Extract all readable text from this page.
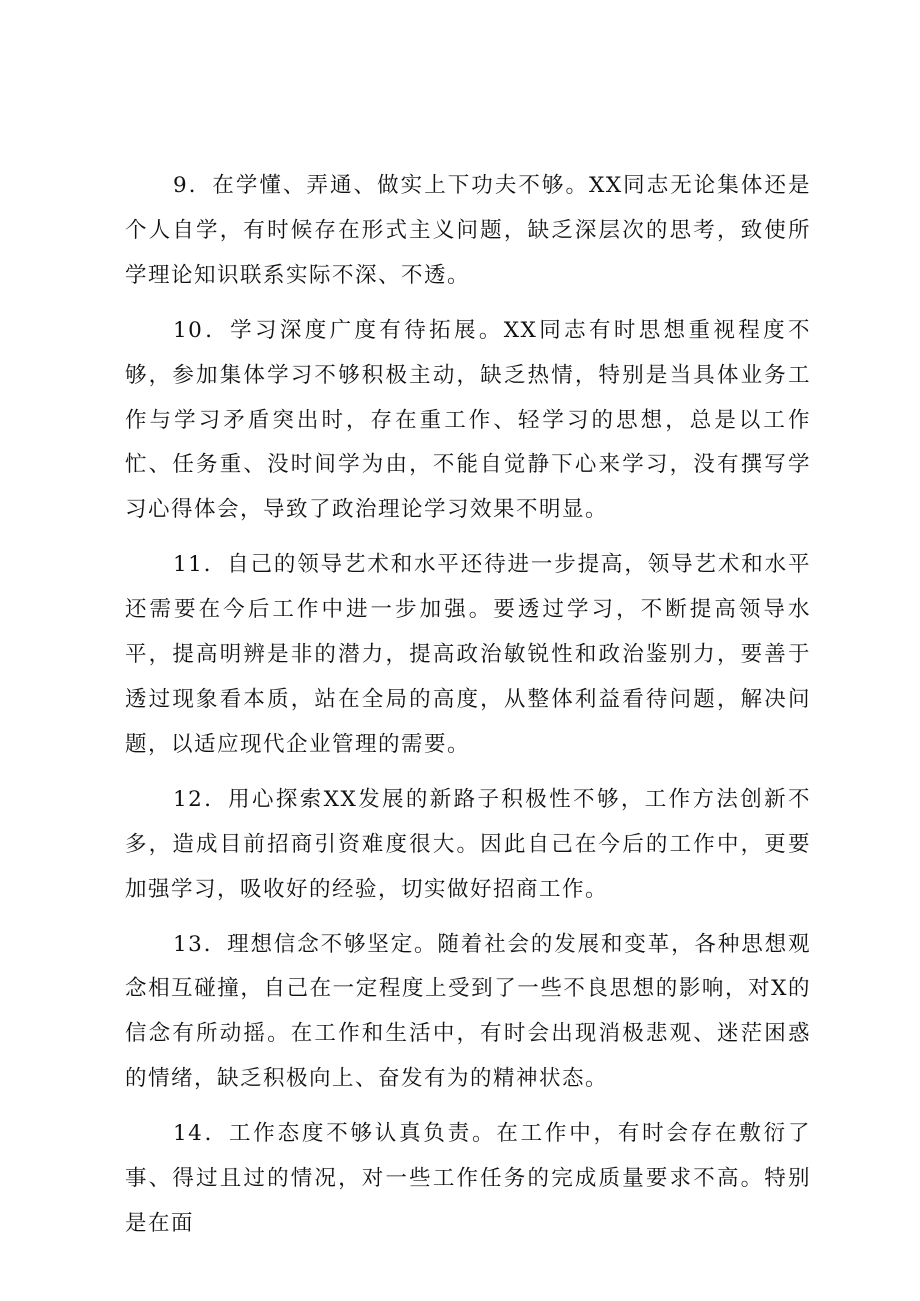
9．在学懂、弄通、做实上下功夫不够。XX同志无论集体还是个人自学，有时候存在形式主义问题，缺乏深层次的思考，致使所学理论知识联系实际不深、不透。

10．学习深度广度有待拓展。XX同志有时思想重视程度不够，参加集体学习不够积极主动，缺乏热情，特别是当具体业务工作与学习矛盾突出时，存在重工作、轻学习的思想，总是以工作忙、任务重、没时间学为由，不能自觉静下心来学习，没有撰写学习心得体会，导致了政治理论学习效果不明显。

11．自己的领导艺术和水平还待进一步提高，领导艺术和水平还需要在今后工作中进一步加强。要透过学习，不断提高领导水平，提高明辨是非的潜力，提高政治敏锐性和政治鉴别力，要善于透过现象看本质，站在全局的高度，从整体利益看待问题，解决问题，以适应现代企业管理的需要。

12．用心探索XX发展的新路子积极性不够，工作方法创新不多，造成目前招商引资难度很大。因此自己在今后的工作中，更要加强学习，吸收好的经验，切实做好招商工作。

13．理想信念不够坚定。随着社会的发展和变革，各种思想观念相互碰撞，自己在一定程度上受到了一些不良思想的影响，对X的信念有所动摇。在工作和生活中，有时会出现消极悲观、迷茫困惑的情绪，缺乏积极向上、奋发有为的精神状态。

14．工作态度不够认真负责。在工作中，有时会存在敷衍了事、得过且过的情况，对一些工作任务的完成质量要求不高。特别是在面
